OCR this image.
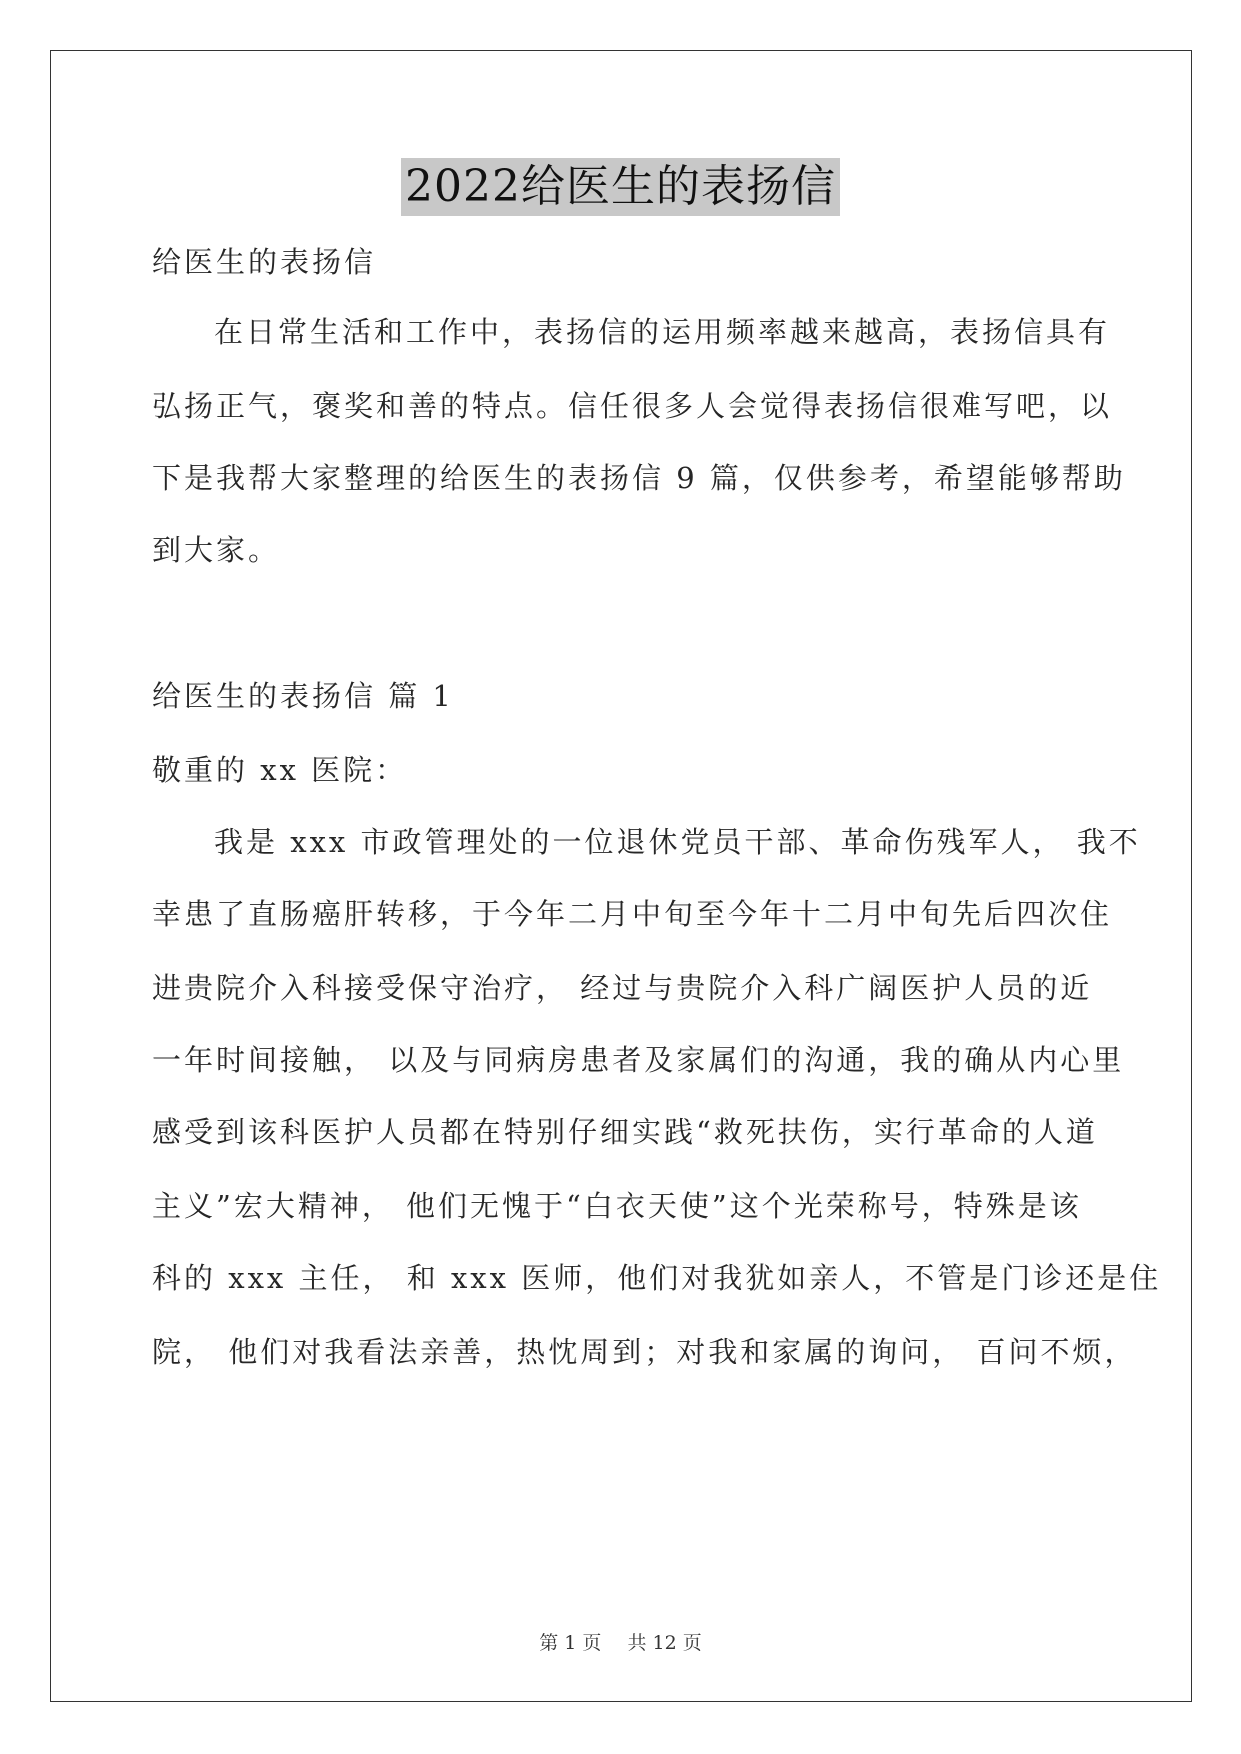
2022给医生的表扬信
给医生的表扬信
在日常生活和工作中，表扬信的运用频率越来越高，表扬信具有
弘扬正气，褒奖和善的特点。信任很多人会觉得表扬信很难写吧，以
下是我帮大家整理的给医生的表扬信 9 篇，仅供参考，希望能够帮助
到大家。
给医生的表扬信 篇 1
敬重的 xx 医院：
我是 xxx 市政管理处的一位退休党员干部、革命伤残军人， 我不
幸患了直肠癌肝转移，于今年二月中旬至今年十二月中旬先后四次住
进贵院介入科接受保守治疗， 经过与贵院介入科广阔医护人员的近
一年时间接触， 以及与同病房患者及家属们的沟通，我的确从内心里
感受到该科医护人员都在特别仔细实践“救死扶伤，实行革命的人道
主义”宏大精神， 他们无愧于“白衣天使”这个光荣称号，特殊是该
科的 xxx 主任， 和 xxx 医师，他们对我犹如亲人，不管是门诊还是住
院， 他们对我看法亲善，热忱周到；对我和家属的询问， 百问不烦，
第 1 页 共 12 页
